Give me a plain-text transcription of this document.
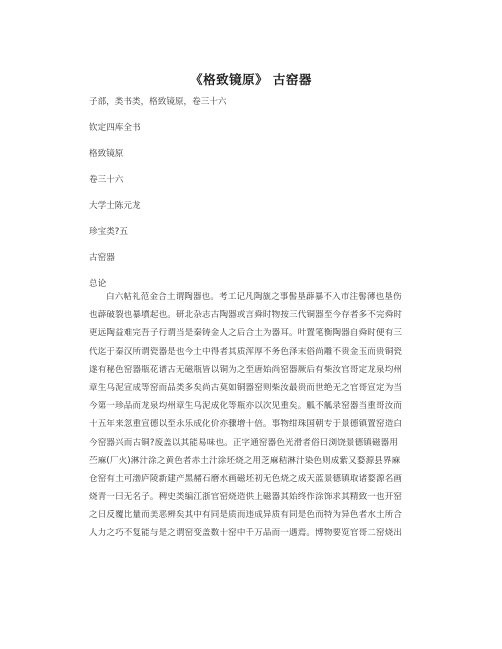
《格致镜原》 古窑器
子部，类书类，格致镜原，卷三十六
钦定四库全书
格致镜原
卷三十六
大学士陈元龙
珍宝类?五
古窑器
总论
白六帖礼范金合土谓陶器也。考工记凡陶旊之事髻垦薜暴不入市注髻薄也垦伤
也薜破裂也暴墳起也。研北杂志古陶器或言舜时物按三代铜器至今存者多不完舜时
更远陶益难完吾子行谓当是秦铸金人之后合土为器耳。叶置笔衡陶器自舜时便有三
代迄于秦汉所谓瓷器是也今土中得者其质浑厚不务色泽末俗尚雕不贵金玉而贵铜瓷
遂有秘色窑器瓶花谱古无磁瓶皆以铜为之至唐始尚窑器厥后有柴汝官哥定龙泉均州
章生乌泥宣成等窑而品类多矣尚古莫如铜器窑则柴汝最贵而世绝无之官哥宣定为当
今第一珍品而龙泉均州章生乌泥成化等瓶亦以次见重矣。觚不觚录窑器当重哥汝而
十五年来忽重宣德以至永乐成化价亦骤增十倍。事物绀珠国朝专于景德镇置窑造白
今窑器兴而古铜?废盖以其能易味也。正字通窑器色光滑者俗曰浏饶景德镇磁器用
苎麻(厂火)淋汁涂之黄色者赤土汁涂坯烧之用芝麻秸淋汁染色则成紫又婺源县界麻
仓窑有土可渤庐陵新建产黑赭石磨水画磁坯初无色烧之成天蓝景德镇取诸婺源名画
烧青一曰无名子。稗史类编江浙官窑烧造供上磁器其始终作涂饰求其精致一也开窑
之日反覆比量而美恶辨矣其中有同是质而违成异质有同是色而特为异色者水土所合
人力之巧不复能与是之谓窑变盖数十窑中千万品而一遇焉。博物要览官哥二窑烧出
